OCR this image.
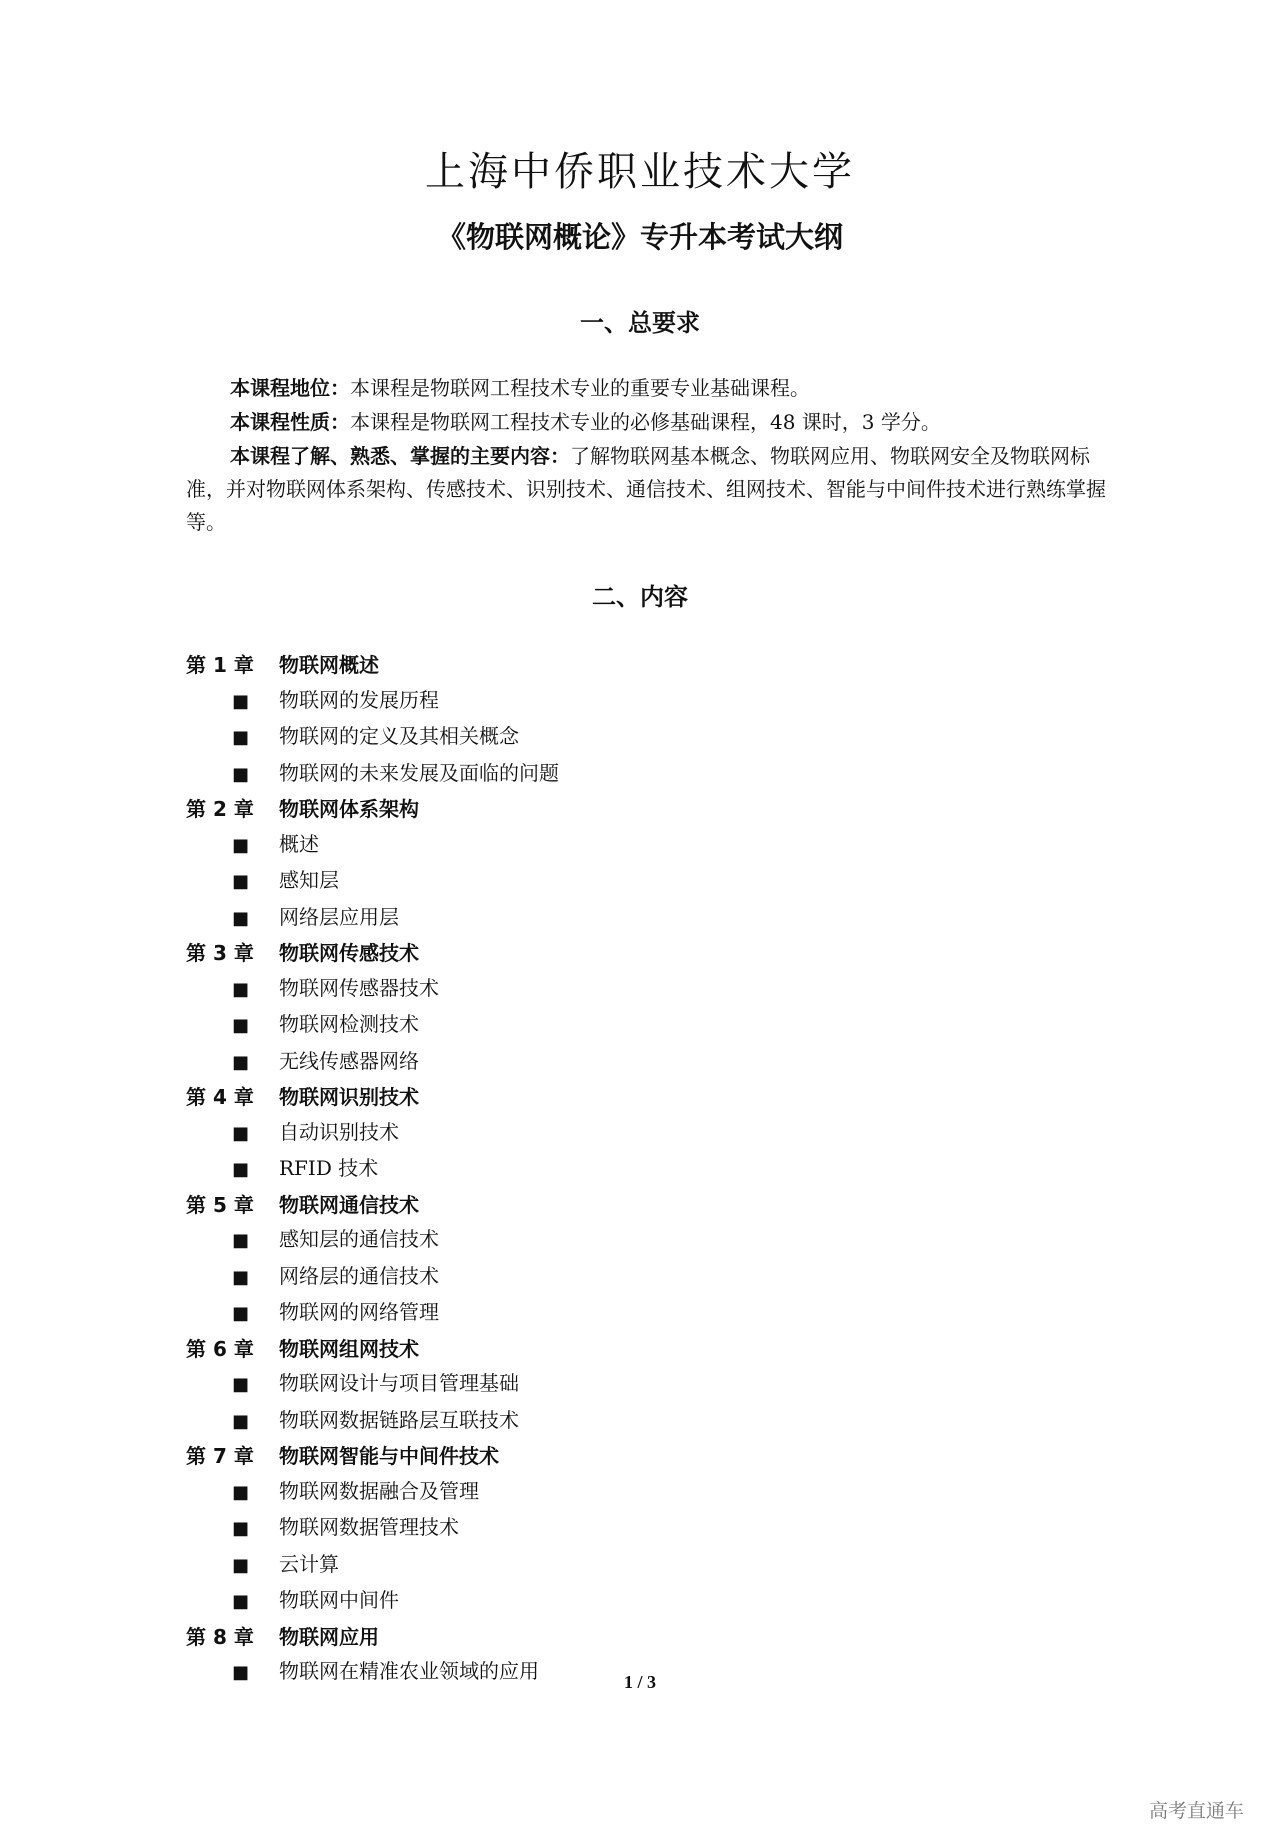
上海中侨职业技术大学
《物联网概论》专升本考试大纲
一、总要求
本课程地位：本课程是物联网工程技术专业的重要专业基础课程。
本课程性质：本课程是物联网工程技术专业的必修基础课程，48 课时，3 学分。
本课程了解、熟悉、掌握的主要内容：了解物联网基本概念、物联网应用、物联网安全及物联网标准，并对物联网体系架构、传感技术、识别技术、通信技术、组网技术、智能与中间件技术进行熟练掌握等。
二、内容
第 1 章 物联网概述
■ 物联网的发展历程
■ 物联网的定义及其相关概念
■ 物联网的未来发展及面临的问题
第 2 章 物联网体系架构
■ 概述
■ 感知层
■ 网络层应用层
第 3 章 物联网传感技术
■ 物联网传感器技术
■ 物联网检测技术
■ 无线传感器网络
第 4 章 物联网识别技术
■ 自动识别技术
■ RFID 技术
第 5 章 物联网通信技术
■ 感知层的通信技术
■ 网络层的通信技术
■ 物联网的网络管理
第 6 章 物联网组网技术
■ 物联网设计与项目管理基础
■ 物联网数据链路层互联技术
第 7 章 物联网智能与中间件技术
■ 物联网数据融合及管理
■ 物联网数据管理技术
■ 云计算
■ 物联网中间件
第 8 章 物联网应用
■ 物联网在精准农业领域的应用	1 / 3
高考直通车
